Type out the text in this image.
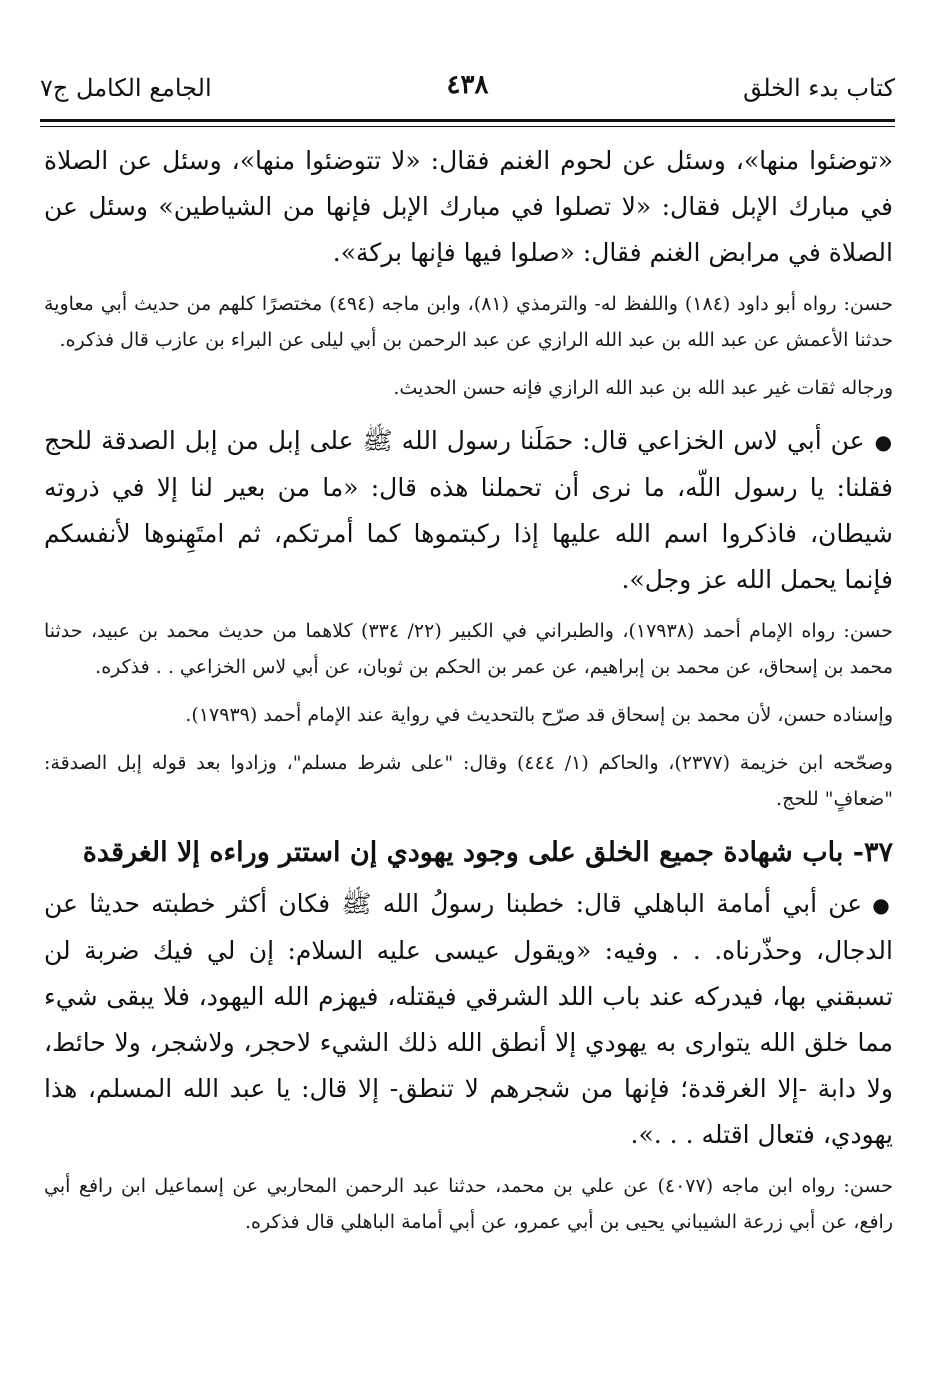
كتاب بدء الخلق
٤٣٨
الجامع الكامل ج٧

«توضئوا منها»، وسئل عن لحوم الغنم فقال: «لا تتوضئوا منها»، وسئل عن الصلاة في مبارك الإبل فقال: «لا تصلوا في مبارك الإبل فإنها من الشياطين» وسئل عن الصلاة في مرابض الغنم فقال: «صلوا فيها فإنها بركة».

حسن: رواه أبو داود (١٨٤) واللفظ له- والترمذي (٨١)، وابن ماجه (٤٩٤) مختصرًا كلهم من حديث أبي معاوية حدثنا الأعمش عن عبد الله بن عبد الله الرازي عن عبد الرحمن بن أبي ليلى عن البراء بن عازب قال فذكره.

ورجاله ثقات غير عبد الله بن عبد الله الرازي فإنه حسن الحديث.

●عن أبي لاس الخزاعي قال: حمَلَنا رسول الله ﷺ على إبل من إبل الصدقة للحج فقلنا: يا رسول اللّه، ما نرى أن تحملنا هذه قال: «ما من بعير لنا إلا في ذروته شيطان، فاذكروا اسم الله عليها إذا ركبتموها كما أمرتكم، ثم امتَهِنوها لأنفسكم فإنما يحمل الله عز وجل».

حسن: رواه الإمام أحمد (١٧٩٣٨)، والطبراني في الكبير (٢٢/ ٣٣٤) كلاهما من حديث محمد بن عبيد، حدثنا محمد بن إسحاق، عن محمد بن إبراهيم، عن عمر بن الحكم بن ثوبان، عن أبي لاس الخزاعي . . فذكره.

وإسناده حسن، لأن محمد بن إسحاق قد صرّح بالتحديث في رواية عند الإمام أحمد (١٧٩٣٩).

وصحّحه ابن خزيمة (٢٣٧٧)، والحاكم (١/ ٤٤٤) وقال: "على شرط مسلم"، وزادوا بعد قوله إبل الصدقة: "ضعافٍ" للحج.

٣٧- باب شهادة جميع الخلق على وجود يهودي إن استتر وراءه إلا الغرقدة

●عن أبي أمامة الباهلي قال: خطبنا رسولُ الله ﷺ فكان أكثر خطبته حديثا عن الدجال، وحذّرناه. . . وفيه: «ويقول عيسى عليه السلام: إن لي فيك ضربة لن تسبقني بها، فيدركه عند باب اللد الشرقي فيقتله، فيهزم الله اليهود، فلا يبقى شيء مما خلق الله يتوارى به يهودي إلا أنطق الله ذلك الشيء لاحجر، ولاشجر، ولا حائط، ولا دابة -إلا الغرقدة؛ فإنها من شجرهم لا تنطق- إلا قال: يا عبد الله المسلم، هذا يهودي، فتعال اقتله . . .».

حسن: رواه ابن ماجه (٤٠٧٧) عن علي بن محمد، حدثنا عبد الرحمن المحاربي عن إسماعيل ابن رافع أبي رافع، عن أبي زرعة الشيباني يحيى بن أبي عمرو، عن أبي أمامة الباهلي قال فذكره.
